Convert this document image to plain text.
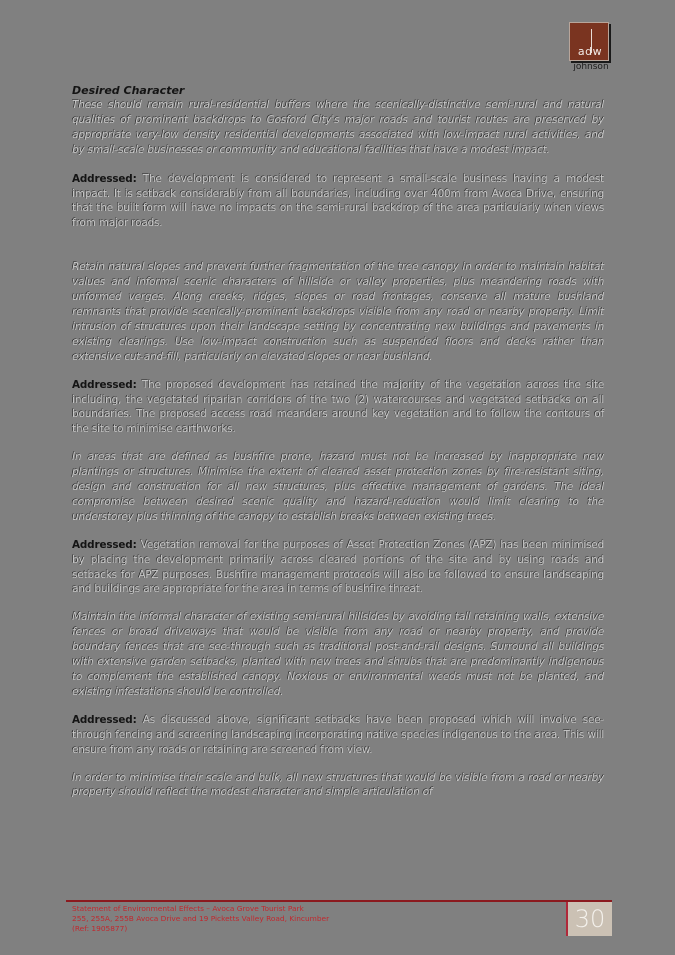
adw
johnson

Desired Character

These should remain rural-residential buffers where the scenically-distinctive semi-rural and natural qualities of prominent backdrops to Gosford City's major roads and tourist routes are preserved by appropriate very-low density residential developments associated with low-impact rural activities, and by small-scale businesses or community and educational facilities that have a modest impact.

Addressed: The development is considered to represent a small-scale business having a modest impact. It is setback considerably from all boundaries, including over 400m from Avoca Drive, ensuring that the built form will have no impacts on the semi-rural backdrop of the area particularly when views from major roads.

Retain natural slopes and prevent further fragmentation of the tree canopy in order to maintain habitat values and informal scenic characters of hillside or valley properties, plus meandering roads with unformed verges. Along creeks, ridges, slopes or road frontages, conserve all mature bushland remnants that provide scenically-prominent backdrops visible from any road or nearby property. Limit intrusion of structures upon their landscape setting by concentrating new buildings and pavements in existing clearings. Use low-impact construction such as suspended floors and decks rather than extensive cut-and-fill, particularly on elevated slopes or near bushland.

Addressed: The proposed development has retained the majority of the vegetation across the site including, the vegetated riparian corridors of the two (2) watercourses and vegetated setbacks on all boundaries. The proposed access road meanders around key vegetation and to follow the contours of the site to minimise earthworks.

In areas that are defined as bushfire prone, hazard must not be increased by inappropriate new plantings or structures. Minimise the extent of cleared asset protection zones by fire-resistant siting, design and construction for all new structures, plus effective management of gardens. The ideal compromise between desired scenic quality and hazard-reduction would limit clearing to the understorey plus thinning of the canopy to establish breaks between existing trees.

Addressed: Vegetation removal for the purposes of Asset Protection Zones (APZ) has been minimised by placing the development primarily across cleared portions of the site and by using roads and setbacks for APZ purposes. Bushfire management protocols will also be followed to ensure landscaping and buildings are appropriate for the area in terms of bushfire threat.

Maintain the informal character of existing semi-rural hillsides by avoiding tall retaining walls, extensive fences or broad driveways that would be visible from any road or nearby property, and provide boundary fences that are see-through such as traditional post-and-rail designs. Surround all buildings with extensive garden setbacks, planted with new trees and shrubs that are predominantly indigenous to complement the established canopy. Noxious or environmental weeds must not be planted, and existing infestations should be controlled.

Addressed: As discussed above, significant setbacks have been proposed which will involve see-through fencing and screening landscaping incorporating native species indigenous to the area. This will ensure from any roads or retaining are screened from view.

In order to minimise their scale and bulk, all new structures that would be visible from a road or nearby property should reflect the modest character and simple articulation of

Statement of Environmental Effects – Avoca Grove Tourist Park
255, 255A, 255B Avoca Drive and 19 Picketts Valley Road, Kincumber
(Ref: 1905877)	30
